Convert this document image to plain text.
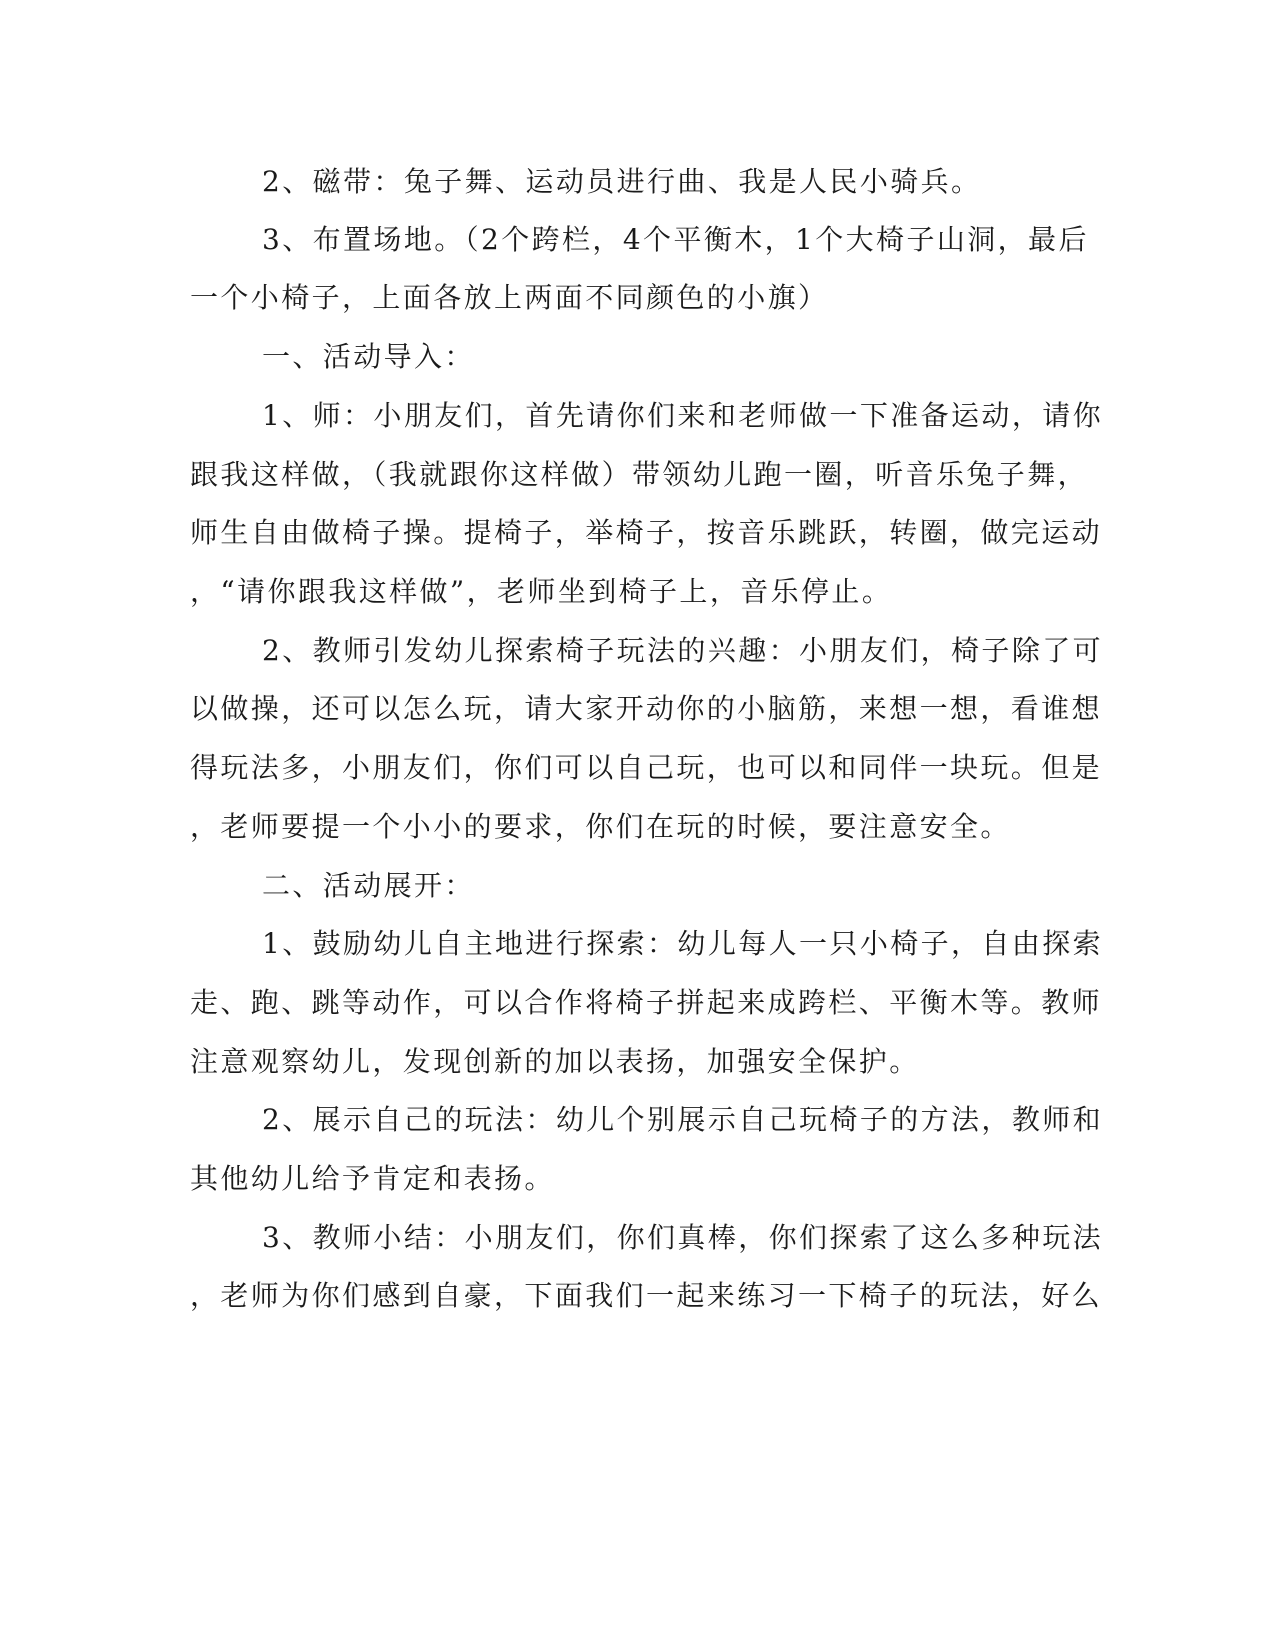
2、磁带：兔子舞、运动员进行曲、我是人民小骑兵。
3、布置场地。（2个跨栏，4个平衡木，1个大椅子山洞，最后
一个小椅子，上面各放上两面不同颜色的小旗）
一、活动导入：
1、师：小朋友们，首先请你们来和老师做一下准备运动，请你
跟我这样做，（我就跟你这样做）带领幼儿跑一圈，听音乐兔子舞，
师生自由做椅子操。提椅子，举椅子，按音乐跳跃，转圈，做完运动
，“请你跟我这样做”，老师坐到椅子上，音乐停止。
2、教师引发幼儿探索椅子玩法的兴趣：小朋友们，椅子除了可
以做操，还可以怎么玩，请大家开动你的小脑筋，来想一想，看谁想
得玩法多，小朋友们，你们可以自己玩，也可以和同伴一块玩。但是
，老师要提一个小小的要求，你们在玩的时候，要注意安全。
二、活动展开：
1、鼓励幼儿自主地进行探索：幼儿每人一只小椅子，自由探索
走、跑、跳等动作，可以合作将椅子拼起来成跨栏、平衡木等。教师
注意观察幼儿，发现创新的加以表扬，加强安全保护。
2、展示自己的玩法：幼儿个别展示自己玩椅子的方法，教师和
其他幼儿给予肯定和表扬。
3、教师小结：小朋友们，你们真棒，你们探索了这么多种玩法
，老师为你们感到自豪，下面我们一起来练习一下椅子的玩法，好么
